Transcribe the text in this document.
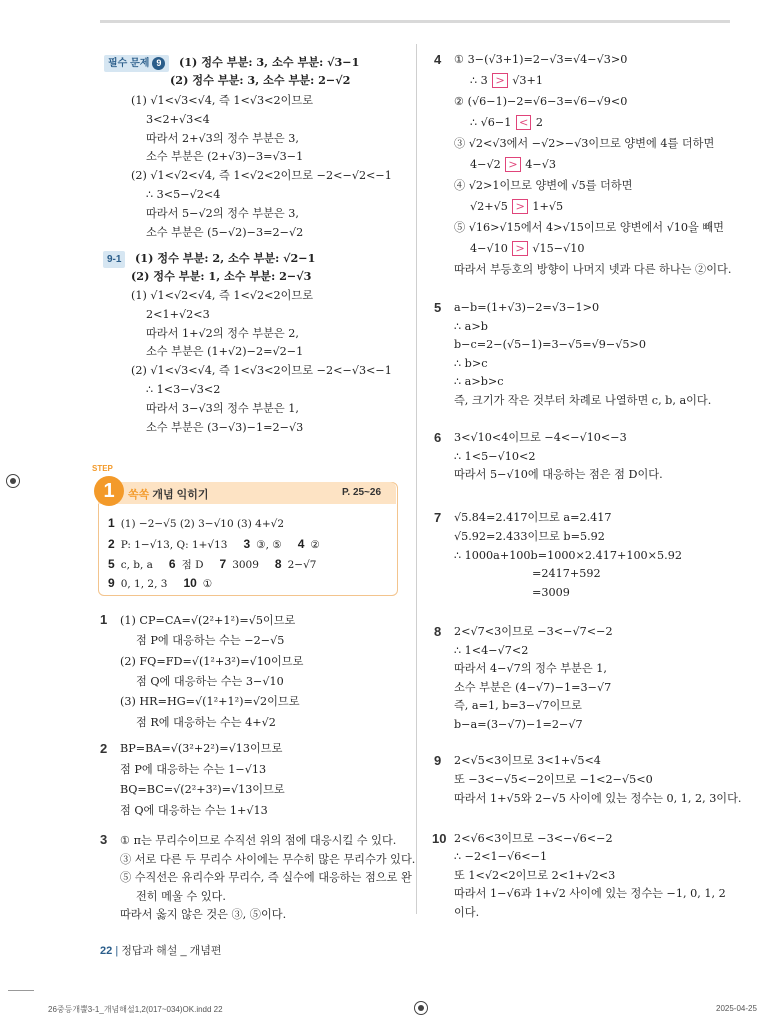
필수 문제 9 (1) 정수 부분: 3, 소수 부분: √3−1
(2) 정수 부분: 3, 소수 부분: 2−√2
(1) √1<√3<√4, 즉 1<√3<2이므로
3<2+√3<4
따라서 2+√3의 정수 부분은 3,
소수 부분은 (2+√3)−3=√3−1
(2) √1<√2<√4, 즉 1<√2<2이므로 −2<−√2<−1
∴ 3<5−√2<4
따라서 5−√2의 정수 부분은 3,
소수 부분은 (5−√2)−3=2−√2
9-1 (1) 정수 부분: 2, 소수 부분: √2−1
(2) 정수 부분: 1, 소수 부분: 2−√3
(1) √1<√2<√4, 즉 1<√2<2이므로
2<1+√2<3
따라서 1+√2의 정수 부분은 2,
소수 부분은 (1+√2)−2=√2−1
(2) √1<√3<√4, 즉 1<√3<2이므로 −2<−√3<−1
∴ 1<3−√3<2
따라서 3−√3의 정수 부분은 1,
소수 부분은 (3−√3)−1=2−√3
STEP
1	쏙쏙 개념 익히기	P. 25~26
1 (1) −2−√5 (2) 3−√10 (3) 4+√2
2 P: 1−√13, Q: 1+√13 3 ③, ⑤ 4 ②
5 c, b, a 6 점 D 7 3009 8 2−√7
9 0, 1, 2, 3 10 ①
1 (1) CP=CA=√(2²+1²)=√5이므로
점 P에 대응하는 수는 −2−√5
(2) FQ=FD=√(1²+3²)=√10이므로
점 Q에 대응하는 수는 3−√10
(3) HR=HG=√(1²+1²)=√2이므로
점 R에 대응하는 수는 4+√2
2 BP=BA=√(3²+2²)=√13이므로
점 P에 대응하는 수는 1−√13
BQ=BC=√(2²+3²)=√13이므로
점 Q에 대응하는 수는 1+√13
3 ① π는 무리수이므로 수직선 위의 점에 대응시킬 수 있다.
③ 서로 다른 두 무리수 사이에는 무수히 많은 무리수가 있다.
⑤ 수직선은 유리수와 무리수, 즉 실수에 대응하는 점으로 완
전히 메울 수 있다.
따라서 옳지 않은 것은 ③, ⑤이다.
4 ① 3−(√3+1)=2−√3=√4−√3>0
∴ 3 > √3+1
② (√6−1)−2=√6−3=√6−√9<0
∴ √6−1 < 2
③ √2<√3에서 −√2>−√3이므로 양변에 4를 더하면
4−√2 > 4−√3
④ √2>1이므로 양변에 √5를 더하면
√2+√5 > 1+√5
⑤ √16>√15에서 4>√15이므로 양변에서 √10을 빼면
4−√10 > √15−√10
따라서 부등호의 방향이 나머지 넷과 다른 하나는 ②이다.
5 a−b=(1+√3)−2=√3−1>0
∴ a>b
b−c=2−(√5−1)=3−√5=√9−√5>0
∴ b>c
∴ a>b>c
즉, 크기가 작은 것부터 차례로 나열하면 c, b, a이다.
6 3<√10<4이므로 −4<−√10<−3
∴ 1<5−√10<2
따라서 5−√10에 대응하는 점은 점 D이다.
7 √5.84=2.417이므로 a=2.417
√5.92=2.433이므로 b=5.92
∴ 1000a+100b=1000×2.417+100×5.92
=2417+592
=3009
8 2<√7<3이므로 −3<−√7<−2
∴ 1<4−√7<2
따라서 4−√7의 정수 부분은 1,
소수 부분은 (4−√7)−1=3−√7
즉, a=1, b=3−√7이므로
b−a=(3−√7)−1=2−√7
9 2<√5<3이므로 3<1+√5<4
또 −3<−√5<−2이므로 −1<2−√5<0
따라서 1+√5와 2−√5 사이에 있는 정수는 0, 1, 2, 3이다.
10 2<√6<3이므로 −3<−√6<−2
∴ −2<1−√6<−1
또 1<√2<2이므로 2<1+√2<3
따라서 1−√6과 1+√2 사이에 있는 정수는 −1, 0, 1, 2
이다.
22 | 정답과 해설 _ 개념편
26중등개뿔3-1_개념해설1,2(017~034)OK.indd 22	2025-04-25
